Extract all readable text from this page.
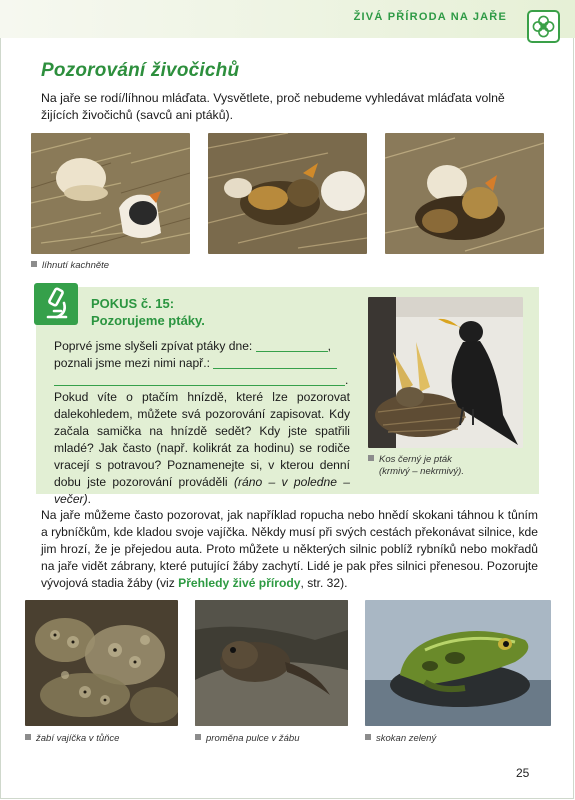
ŽIVÁ PŘÍRODA NA JAŘE
Pozorování živočichů
Na jaře se rodí/líhnou mláďata. Vysvětlete, proč nebudeme vyhledávat mláďata volně žijících živočichů (savců ani ptáků).
líhnutí kachněte
POKUS č. 15:
Pozorujeme ptáky.
Poprvé jsme slyšeli zpívat ptáky dne:	,
poznali jsme mezi nimi např.:
.
Pokud víte o ptačím hnízdě, které lze pozorovat dalekohledem, můžete svá pozorování zapisovat. Kdy začala samička na hnízdě sedět? Kdy jste spatřili mladé? Jak často (např. kolikrát za hodinu) se rodiče vracejí s potravou? Poznamenejte si, v kterou denní dobu jste pozorování prováděli (ráno – v poledne – večer).
Kos černý je pták
(krmivý – nekrmivý).
Na jaře můžeme často pozorovat, jak například ropucha nebo hnědí skokani táhnou k tůním a rybníčkům, kde kladou svoje vajíčka. Někdy musí při svých cestách překonávat silnice, kde jim hrozí, že je přejedou auta. Proto můžete u některých silnic poblíž rybníků nebo mokřadů na jaře vidět zábrany, které putující žáby zachytí. Lidé je pak přes silnici přenesou. Pozorujte vývojová stadia žáby (viz Přehledy živé přírody, str. 32).
žabí vajíčka v tůňce	proměna pulce v žábu	skokan zelený
25
